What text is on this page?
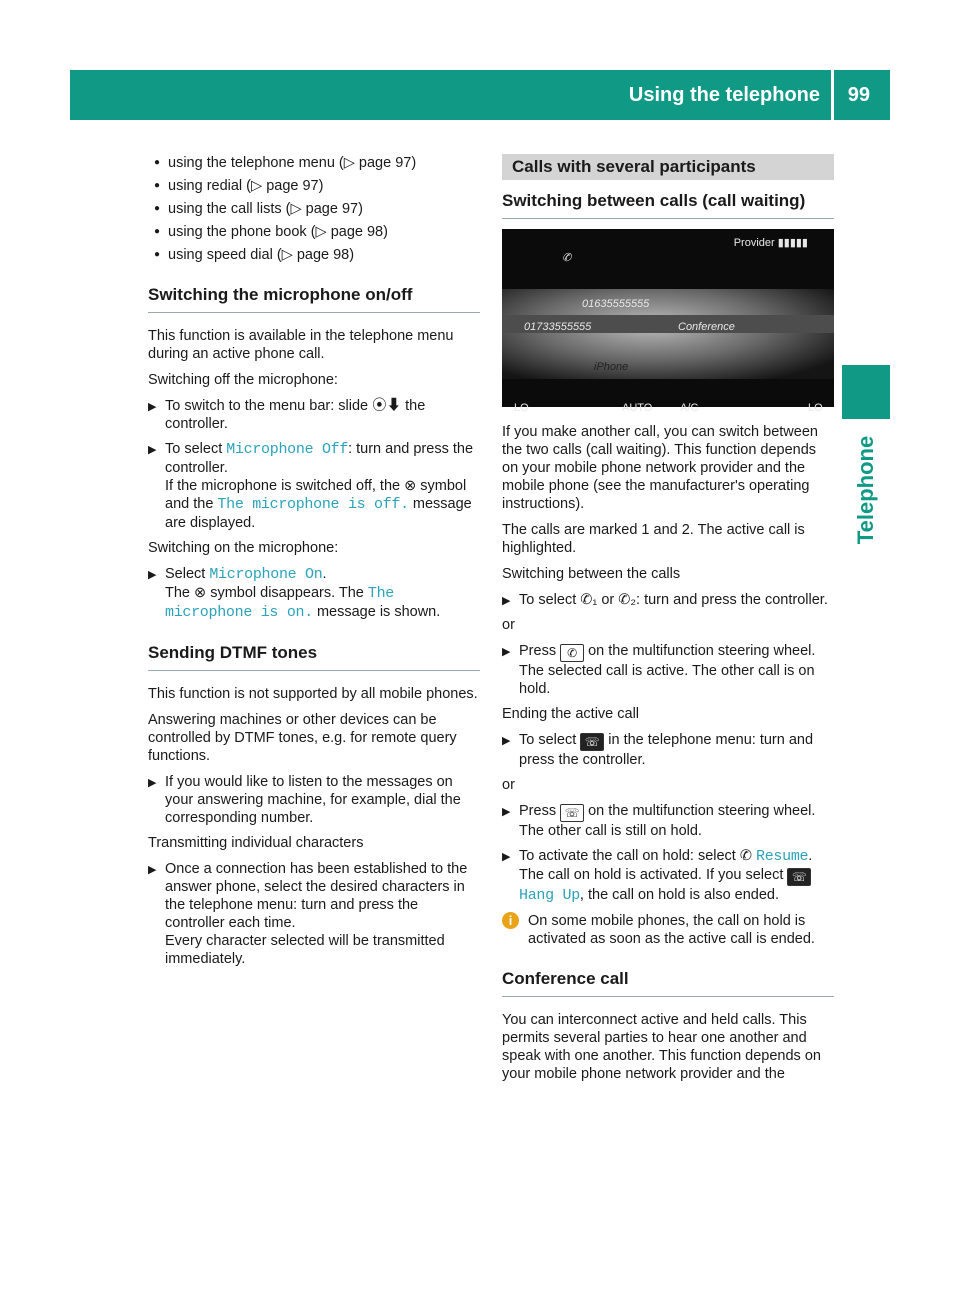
Using the telephone 99
Telephone
● using the telephone menu (▷ page 97)
● using redial (▷ page 97)
● using the call lists (▷ page 97)
● using the phone book (▷ page 98)
● using speed dial (▷ page 98)
Switching the microphone on/off

This function is available in the telephone menu during an active phone call.

Switching off the microphone:

▶ To switch to the menu bar: slide ⦿⬇ the controller.
▶ To select Microphone Off: turn and press the controller.
If the microphone is switched off, the ⊗ symbol and the The microphone is off. message are displayed.

Switching on the microphone:

▶ Select Microphone On.
The ⊗ symbol disappears. The The microphone is on. message is shown.
Sending DTMF tones

This function is not supported by all mobile phones.

Answering machines or other devices can be controlled by DTMF tones, e.g. for remote query functions.

▶ If you would like to listen to the messages on your answering machine, for example, dial the corresponding number.

Transmitting individual characters

▶ Once a connection has been established to the answer phone, select the desired characters in the telephone menu: turn and press the controller each time.
Every character selected will be transmitted immediately.
Calls with several participants
Switching between calls (call waiting)
Provider ▮▮▮▮▮
✆
01635555555
01733555555	Conference
iPhone
LO	AUTO	A/C	LO

If you make another call, you can switch between the two calls (call waiting). This function depends on your mobile phone network provider and the mobile phone (see the manufacturer's operating instructions).

The calls are marked 1 and 2. The active call is highlighted.

Switching between the calls

▶ To select ✆₁ or ✆₂: turn and press the controller.

or

▶ Press ✆ on the multifunction steering wheel.
The selected call is active. The other call is on hold.

Ending the active call

▶ To select ☏ in the telephone menu: turn and press the controller.

or

▶ Press ☏ on the multifunction steering wheel.
The other call is still on hold.
▶ To activate the call on hold: select ✆ Resume.
The call on hold is activated. If you select ☏ Hang Up, the call on hold is also ended.
i	On some mobile phones, the call on hold is activated as soon as the active call is ended.
Conference call

You can interconnect active and held calls. This permits several parties to hear one another and speak with one another. This function depends on your mobile phone network provider and the
